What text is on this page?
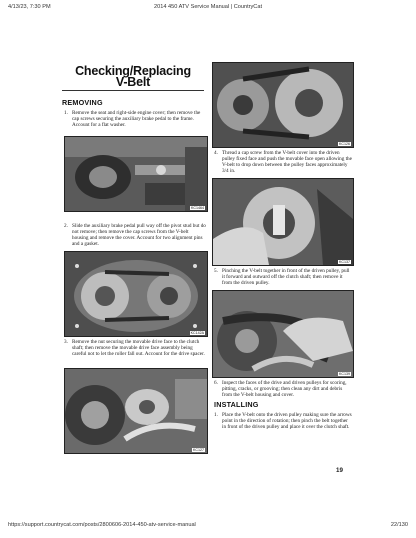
4/13/23, 7:30 PM	2014 450 ATV Service Manual | CountryCat
Checking/Replacing
V-Belt
REMOVING
1. Remove the seat and right-side engine cover; then remove the cap screws securing the auxiliary brake pedal to the frame. Account for a flat washer.
KC1464
2. Slide the auxiliary brake pedal pull way off the pivot stud but do not remove; then remove the cap screws from the V-belt housing and remove the cover. Account for two alignment pins and a gasket.
KC142A
3. Remove the nut securing the movable drive face to the clutch shaft; then remove the movable drive face assembly being careful not to let the roller fall out. Account for the drive spacer.
KC127
KC126
4. Thread a cap screw from the V-belt cover into the driven pulley fixed face and push the movable face open allowing the V-belt to drop down between the pulley faces approximately 3/4 in.
KC137
5. Pinching the V-belt together in front of the driven pulley, pull it forward and outward off the clutch shaft; then remove it from the driven pulley.
KC139
6. Inspect the faces of the drive and driven pulleys for scoring, pitting, cracks, or grooving; then clean any dirt and debris from the V-belt housing and cover.
INSTALLING
1. Place the V-belt onto the driven pulley making sure the arrows point in the direction of rotation; then pinch the belt together in front of the driven pulley and place it over the clutch shaft.
19
https://support.countrycat.com/posts/2800606-2014-450-atv-service-manual	22/130
